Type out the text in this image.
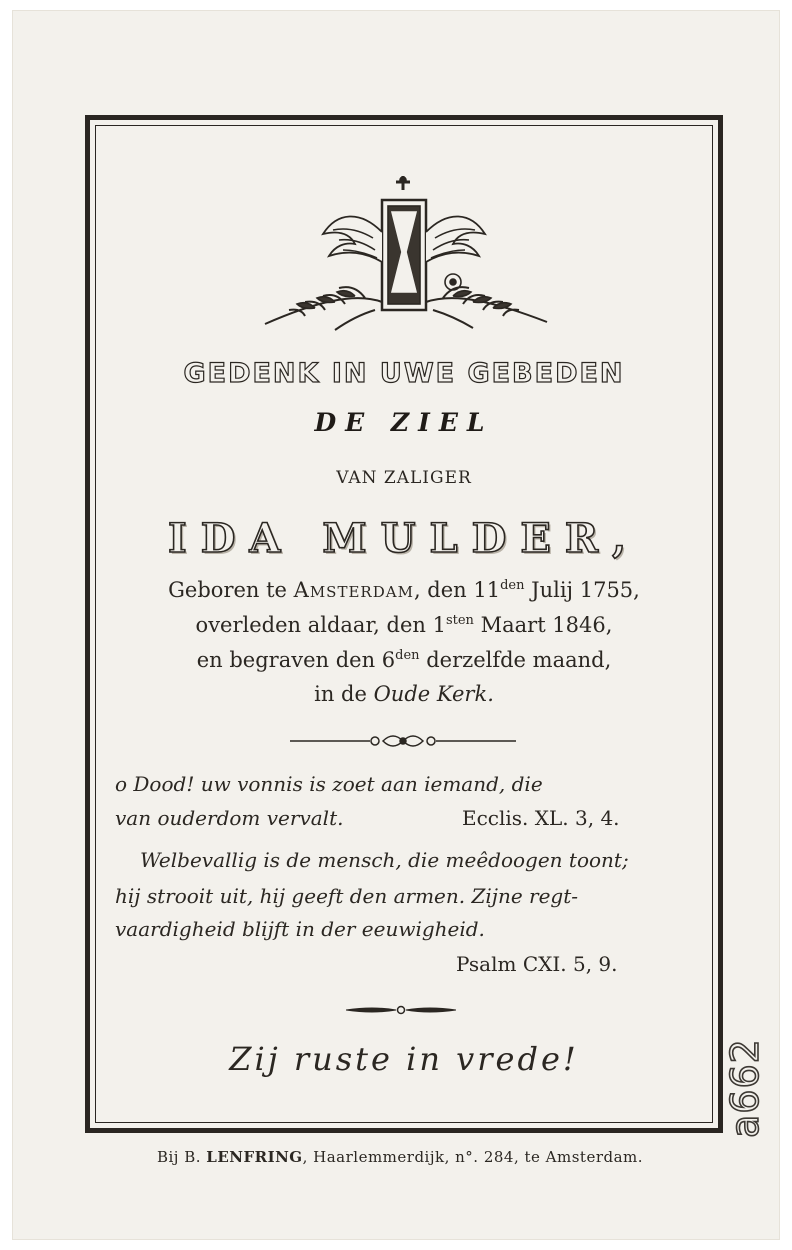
GEDENK IN UWE GEBEDEN
DE ZIEL
VAN ZALIGER
IDA MULDER,
Geboren te Amsterdam, den $11^{den}$ Julij 1755,
overleden aldaar, den $1^{sten}$ Maart 1846,
en begraven den $6^{den}$ derzelfde maand,
in de Oude Kerk.
o Dood! uw vonnis is zoet aan iemand, die
van ouderdom vervalt.	Ecclis. XL. 3, 4.
Welbevallig is de mensch, die meêdoogen toont;
hij strooit uit, hij geeft den armen. Zijne regt-
vaardigheid blijft in der eeuwigheid.
Psalm CXI. 5, 9.
Zij ruste in vrede!
Bij B. LENFRING, Haarlemmerdijk, n°. 284, te Amsterdam.
a662
